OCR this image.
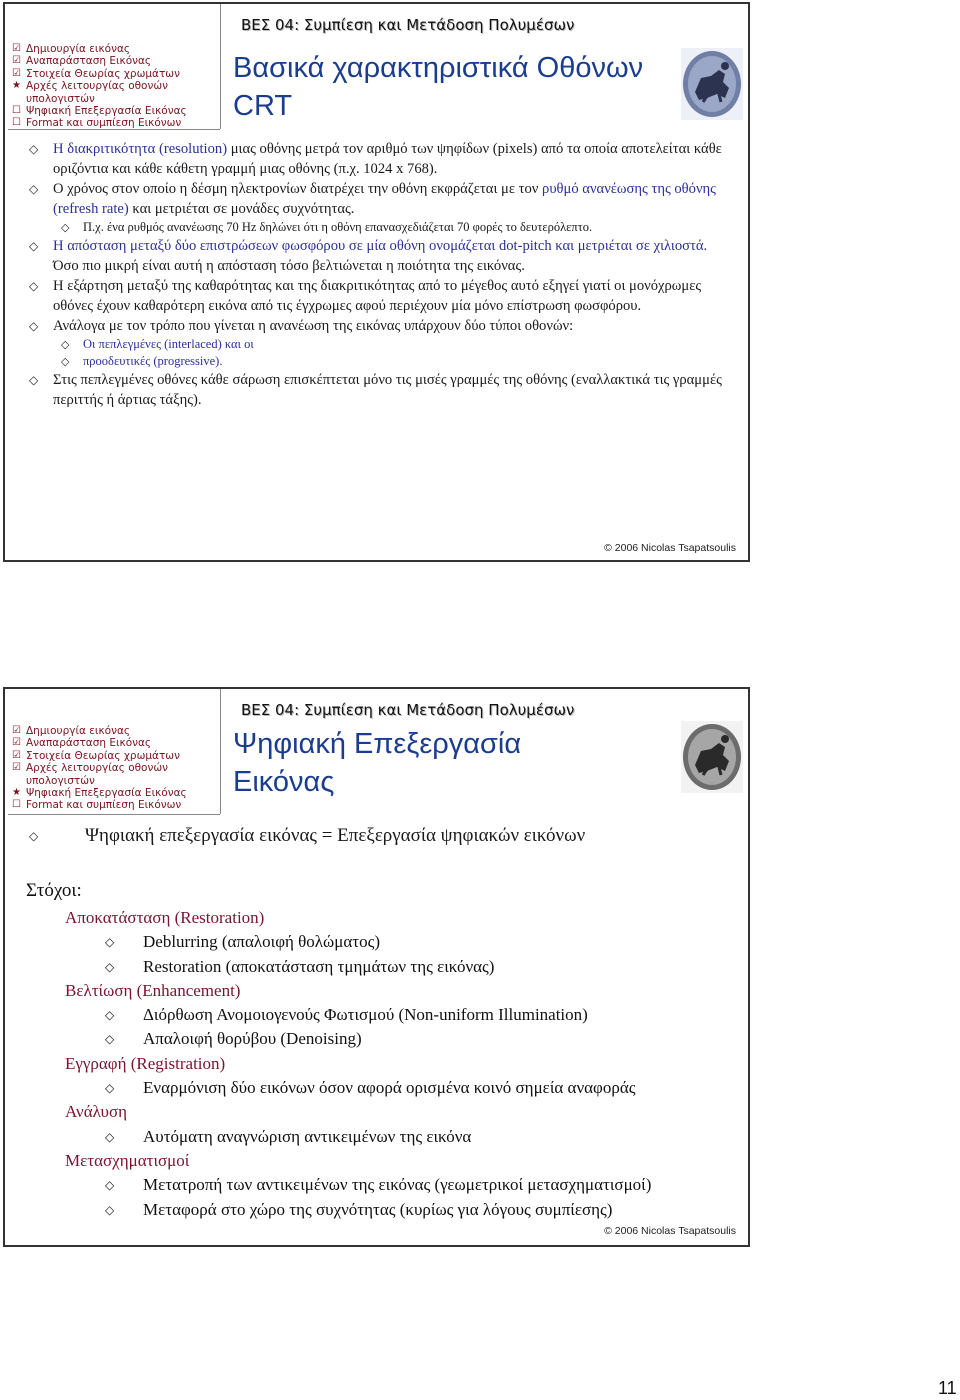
☑ Δημιουργία εικόνας
☑ Αναπαράσταση Εικόνας
☑ Στοιχεία Θεωρίας χρωμάτων
★ Αρχές λειτουργίας οθονών
υπολογιστών
☐ Ψηφιακή Επεξεργασία Εικόνας
☐ Format και συμπίεση Εικόνων
ΒΕΣ 04: Συμπίεση και Μετάδοση Πολυμέσων
Βασικά χαρακτηριστικά Οθόνων
CRT

◇ Η διακριτικότητα (resolution) μιας οθόνης μετρά τον αριθμό των ψηφίδων (pixels) από τα οποία αποτελείται κάθε οριζόντια και κάθε κάθετη γραμμή μιας οθόνης (π.χ. 1024 x 768).

◇ Ο χρόνος στον οποίο η δέσμη ηλεκτρονίων διατρέχει την οθόνη εκφράζεται με τον ρυθμό ανανέωσης της οθόνης (refresh rate) και μετριέται σε μονάδες συχνότητας.

◇ Π.χ. ένα ρυθμός ανανέωσης 70 Hz δηλώνει ότι η οθόνη επανασχεδιάζεται 70 φορές το δευτερόλεπτο.

◇ Η απόσταση μεταξύ δύο επιστρώσεων φωσφόρου σε μία οθόνη ονομάζεται dot-pitch και μετριέται σε χιλιοστά. Όσο πιο μικρή είναι αυτή η απόσταση τόσο βελτιώνεται η ποιότητα της εικόνας.

◇ Η εξάρτηση μεταξύ της καθαρότητας και της διακριτικότητας από το μέγεθος αυτό εξηγεί γιατί οι μονόχρωμες οθόνες έχουν καθαρότερη εικόνα από τις έγχρωμες αφού περιέχουν μία μόνο επίστρωση φωσφόρου.

◇ Ανάλογα με τον τρόπο που γίνεται η ανανέωση της εικόνας υπάρχουν δύο τύποι οθονών:

◇ Οι πεπλεγμένες (interlaced) και οι

◇ προοδευτικές (progressive).

◇ Στις πεπλεγμένες οθόνες κάθε σάρωση επισκέπτεται μόνο τις μισές γραμμές της οθόνης (εναλλακτικά τις γραμμές περιττής ή άρτιας τάξης).

© 2006 Nicolas Tsapatsoulis
☑ Δημιουργία εικόνας
☑ Αναπαράσταση Εικόνας
☑ Στοιχεία Θεωρίας χρωμάτων
☑ Αρχές λειτουργίας οθονών
υπολογιστών
★ Ψηφιακή Επεξεργασία Εικόνας
☐ Format και συμπίεση Εικόνων
ΒΕΣ 04: Συμπίεση και Μετάδοση Πολυμέσων
Ψηφιακή Επεξεργασία
Εικόνας

◇ Ψηφιακή επεξεργασία εικόνας = Επεξεργασία ψηφιακών εικόνων

© 2006 Nicolas Tsapatsoulis
Στόχοι:
Αποκατάσταση (Restoration)
◇ Deblurring (απαλοιφή θολώματος)
◇ Restoration (αποκατάσταση τμημάτων της εικόνας)
Βελτίωση (Enhancement)
◇ Διόρθωση Ανομοιογενούς Φωτισμού (Non-uniform Illumination)
◇ Απαλοιφή θορύβου (Denoising)
Εγγραφή (Registration)
◇ Εναρμόνιση δύο εικόνων όσον αφορά ορισμένα κοινό σημεία αναφοράς
Ανάλυση
◇ Αυτόματη αναγνώριση αντικειμένων της εικόνα
Μετασχηματισμοί
◇ Μετατροπή των αντικειμένων της εικόνας (γεωμετρικοί μετασχηματισμοί)
◇ Μεταφορά στο χώρο της συχνότητας (κυρίως για λόγους συμπίεσης)
11
